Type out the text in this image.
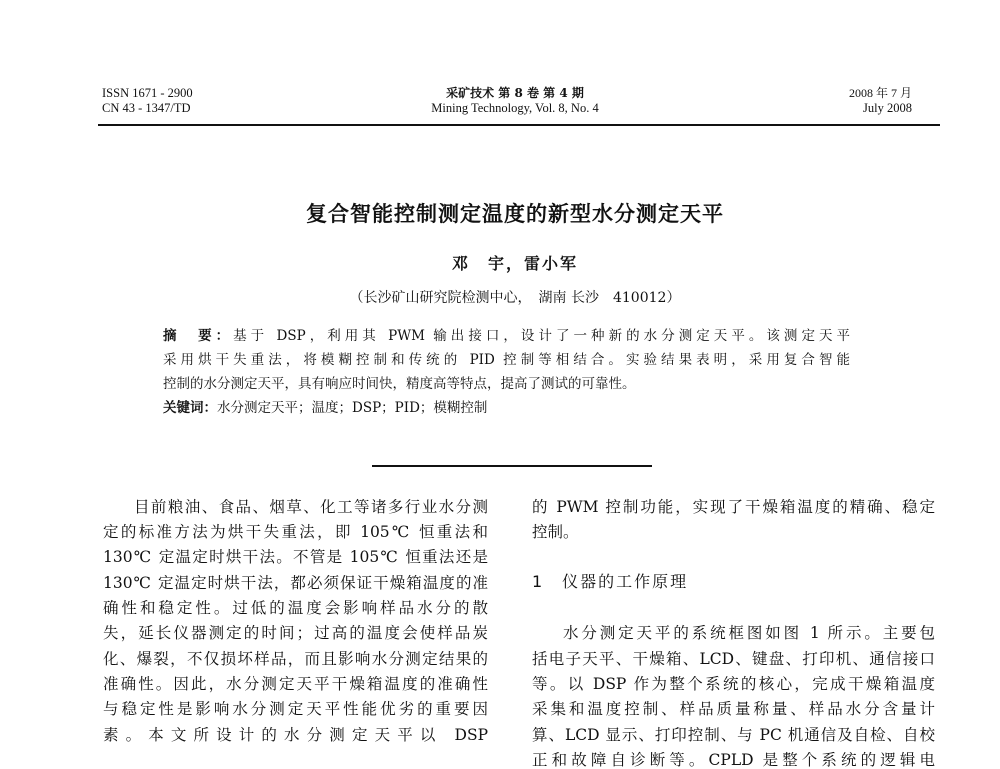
ISSN 1671 - 2900
CN 43 - 1347/TD
采矿技术 第 8 卷 第 4 期
Mining Technology, Vol. 8, No. 4
2008 年 7 月
July 2008
复合智能控制测定温度的新型水分测定天平
邓　宇，雷小军
（长沙矿山研究院检测中心，　湖南 长沙　410012）
摘　要：基于 DSP，利用其 PWM 输出接口，设计了一种新的水分测定天平。该测定天平
采用烘干失重法，将模糊控制和传统的 PID 控制等相结合。实验结果表明，采用复合智能
控制的水分测定天平，具有响应时间快，精度高等特点，提高了测试的可靠性。
关键词：水分测定天平；温度；DSP；PID；模糊控制
目前粮油、食品、烟草、化工等诸多行业水分测
定的标准方法为烘干失重法，即 105℃ 恒重法和
130℃ 定温定时烘干法。不管是 105℃ 恒重法还是
130℃ 定温定时烘干法，都必须保证干燥箱温度的准
确性和稳定性。过低的温度会影响样品水分的散
失，延长仪器测定的时间；过高的温度会使样品炭
化、爆裂，不仅损坏样品，而且影响水分测定结果的
准确性。因此，水分测定天平干燥箱温度的准确性
与稳定性是影响水分测定天平性能优劣的重要因
素。本文所设计的水分测定天平以 DSP
的 PWM 控制功能，实现了干燥箱温度的精确、稳定
控制。
1　仪器的工作原理
水分测定天平的系统框图如图 1 所示。主要包
括电子天平、干燥箱、LCD、键盘、打印机、通信接口
等。以 DSP 作为整个系统的核心，完成干燥箱温度
采集和温度控制、样品质量称量、样品水分含量计
算、LCD 显示、打印控制、与 PC 机通信及自检、自校
正和故障自诊断等。CPLD 是整个系统的逻辑电
